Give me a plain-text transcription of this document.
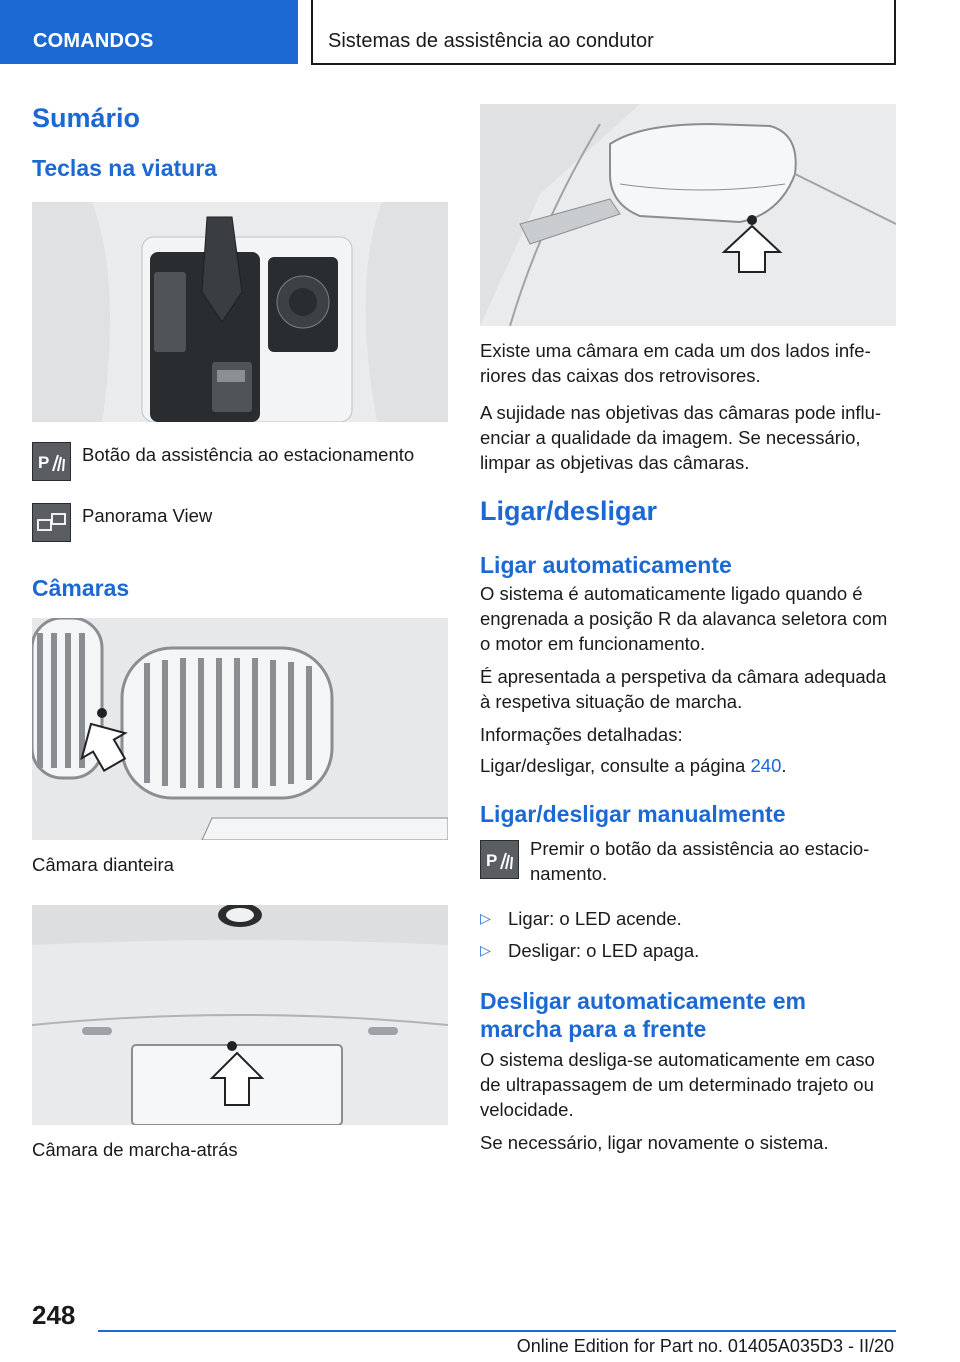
COMANDOS	Sistemas de assistência ao condutor
Sumário
Teclas na viatura
P Botão da assistência ao estacionamento
Panorama View
Câmaras
Câmara dianteira
Câmara de marcha-atrás
Existe uma câmara em cada um dos lados infe-
riores das caixas dos retrovisores.
A sujidade nas objetivas das câmaras pode influ-
enciar a qualidade da imagem. Se necessário,
limpar as objetivas das câmaras.
Ligar/desligar
Ligar automaticamente
O sistema é automaticamente ligado quando é
engrenada a posição R da alavanca seletora com
o motor em funcionamento.
É apresentada a perspetiva da câmara adequada
à respetiva situação de marcha.
Informações detalhadas:
Ligar/desligar, consulte a página 240.
Ligar/desligar manualmente
P
Premir o botão da assistência ao estacio-
namento.
▷ Ligar: o LED acende.
▷ Desligar: o LED apaga.
Desligar automaticamente em
marcha para a frente
O sistema desliga-se automaticamente em caso
de ultrapassagem de um determinado trajeto ou
velocidade.
Se necessário, ligar novamente o sistema.
248
Online Edition for Part no. 01405A035D3 - II/20
